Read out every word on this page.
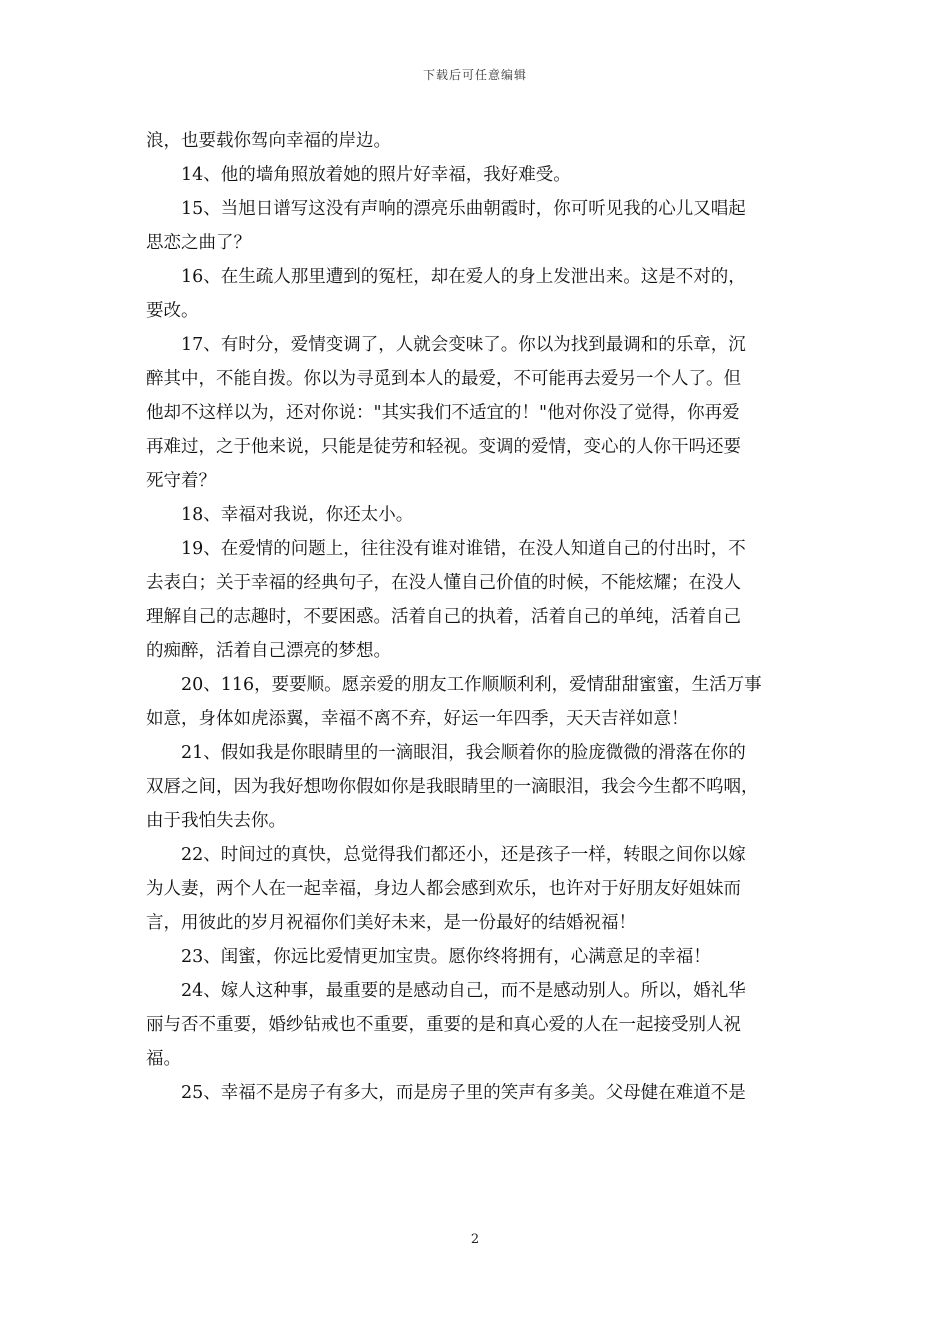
下载后可任意编辑
浪，也要载你驾向幸福的岸边。
14、他的墙角照放着她的照片好幸福，我好难受。
15、当旭日谱写这没有声响的漂亮乐曲朝霞时，你可听见我的心儿又唱起
思恋之曲了？
16、在生疏人那里遭到的冤枉，却在爱人的身上发泄出来。这是不对的，
要改。
17、有时分，爱情变调了，人就会变味了。你以为找到最调和的乐章，沉
醉其中，不能自拨。你以为寻觅到本人的最爱，不可能再去爱另一个人了。但
他却不这样以为，还对你说："其实我们不适宜的！"他对你没了觉得，你再爱
再难过，之于他来说，只能是徒劳和轻视。变调的爱情，变心的人你干吗还要
死守着？
18、幸福对我说，你还太小。
19、在爱情的问题上，往往没有谁对谁错，在没人知道自己的付出时，不
去表白；关于幸福的经典句子，在没人懂自己价值的时候，不能炫耀；在没人
理解自己的志趣时，不要困惑。活着自己的执着，活着自己的单纯，活着自己
的痴醉，活着自己漂亮的梦想。
20、116，要要顺。愿亲爱的朋友工作顺顺利利，爱情甜甜蜜蜜，生活万事
如意，身体如虎添翼，幸福不离不弃，好运一年四季，天天吉祥如意！
21、假如我是你眼睛里的一滴眼泪，我会顺着你的脸庞微微的滑落在你的
双唇之间，因为我好想吻你假如你是我眼睛里的一滴眼泪，我会今生都不呜咽，
由于我怕失去你。
22、时间过的真快，总觉得我们都还小，还是孩子一样，转眼之间你以嫁
为人妻，两个人在一起幸福，身边人都会感到欢乐，也许对于好朋友好姐妹而
言，用彼此的岁月祝福你们美好未来，是一份最好的结婚祝福！
23、闺蜜，你远比爱情更加宝贵。愿你终将拥有，心满意足的幸福！
24、嫁人这种事，最重要的是感动自己，而不是感动别人。所以，婚礼华
丽与否不重要，婚纱钻戒也不重要，重要的是和真心爱的人在一起接受别人祝
福。
25、幸福不是房子有多大，而是房子里的笑声有多美。父母健在难道不是
2
